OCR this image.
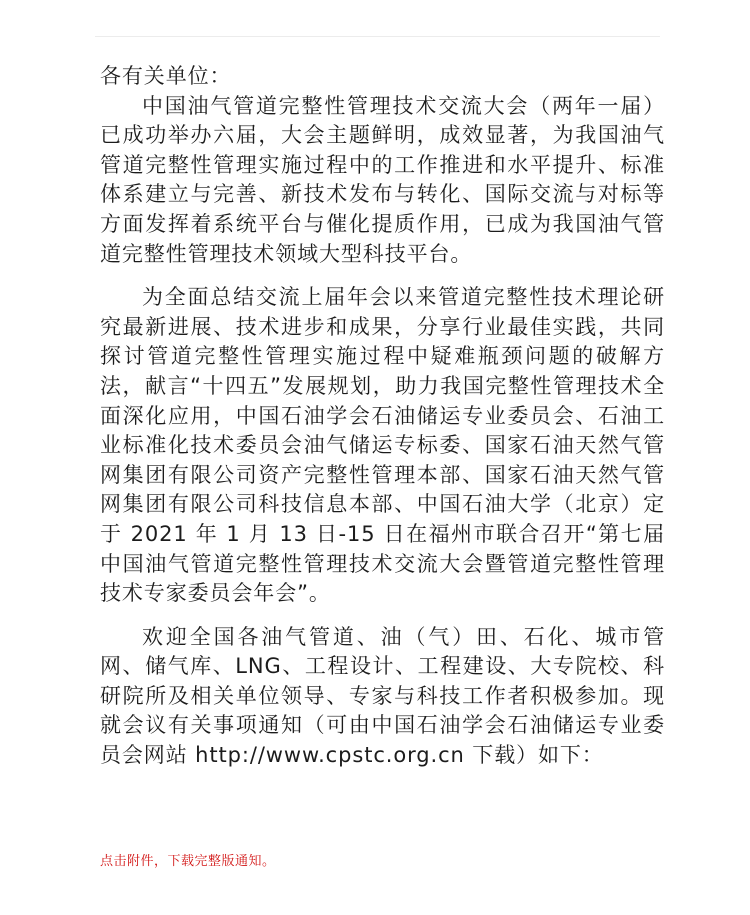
各有关单位：

中国油气管道完整性管理技术交流大会（两年一届）已成功举办六届，大会主题鲜明，成效显著，为我国油气管道完整性管理实施过程中的工作推进和水平提升、标准体系建立与完善、新技术发布与转化、国际交流与对标等方面发挥着系统平台与催化提质作用，已成为我国油气管道完整性管理技术领域大型科技平台。

为全面总结交流上届年会以来管道完整性技术理论研究最新进展、技术进步和成果，分享行业最佳实践，共同探讨管道完整性管理实施过程中疑难瓶颈问题的破解方法，献言“十四五”发展规划，助力我国完整性管理技术全面深化应用，中国石油学会石油储运专业委员会、石油工业标准化技术委员会油气储运专标委、国家石油天然气管网集团有限公司资产完整性管理本部、国家石油天然气管网集团有限公司科技信息本部、中国石油大学（北京）定于 2021 年 1 月 13 日-15 日在福州市联合召开“第七届中国油气管道完整性管理技术交流大会暨管道完整性管理技术专家委员会年会”。

欢迎全国各油气管道、油（气）田、石化、城市管网、储气库、LNG、工程设计、工程建设、大专院校、科研院所及相关单位领导、专家与科技工作者积极参加。现就会议有关事项通知（可由中国石油学会石油储运专业委员会网站 http://www.cpstc.org.cn 下载）如下：

点击附件，下载完整版通知。
